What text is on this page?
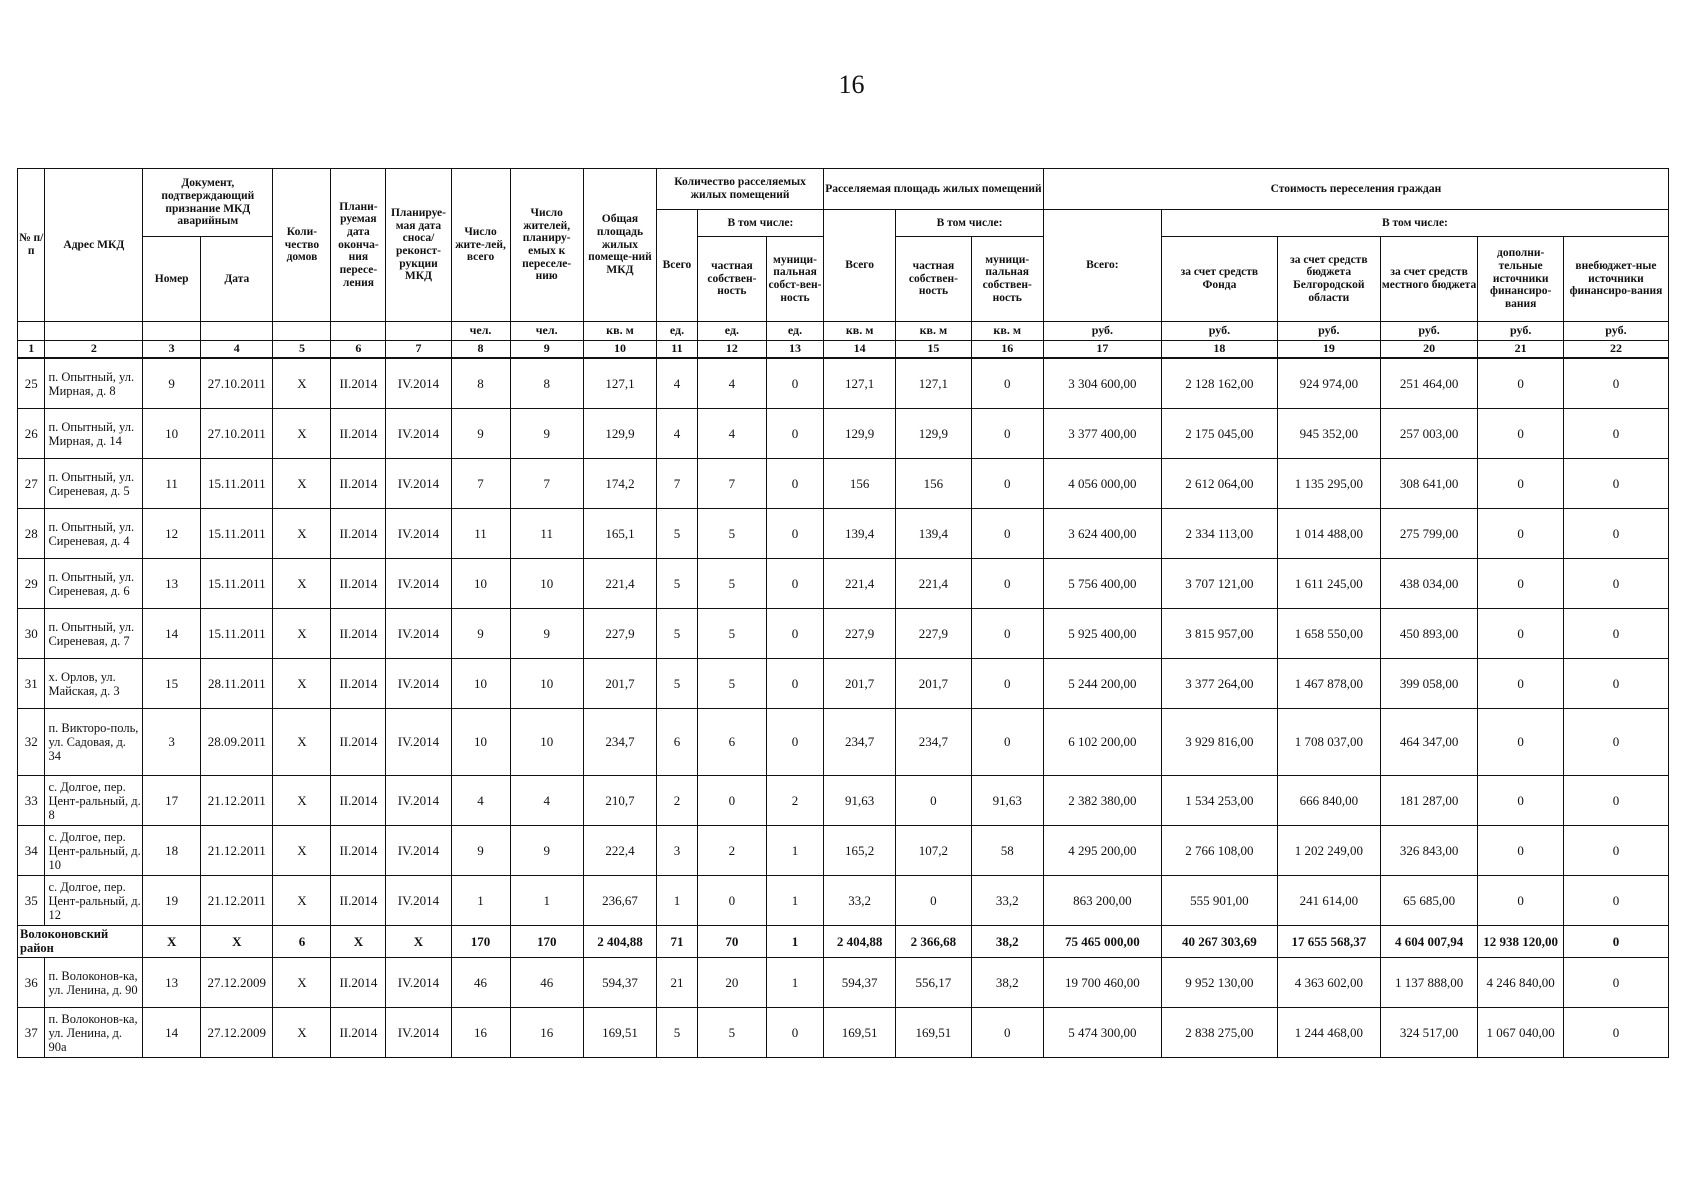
16
№ п/п	Адрес МКД	Документ, подтверждающий признание МКД аварийным		Коли-чество домов	Плани-руемая дата оконча-ния пересе-ления	Планируе-мая дата сноса/ реконст-рукции МКД	Число жите-лей, всего	Число жителей, планиру-емых к переселе-нию	Общая площадь жилых помеще-ний МКД	Количество расселяемых жилых помещений			Расселяемая площадь жилых помещений			Стоимость переселения граждан					
										Всего	В том числе:		Всего	В том числе:		Всего:	В том числе:				
		Номер	Дата								частная собствен-ность	муници-пальная собст-вен-ность		частная собствен-ность	муници-пальная собствен-ность		за счет средств Фонда	за счет средств бюджета Белгородской области	за счет средств местного бюджета	дополни-тельные источники финансиро-вания	внебюджет-ные источники финансиро-вания
							чел.	чел.	кв. м	ед.	ед.	ед.	кв. м	кв. м	кв. м	руб.	руб.	руб.	руб.	руб.	руб.
1	2	3	4	5	6	7	8	9	10	11	12	13	14	15	16	17	18	19	20	21	22
25	п. Опытный, ул. Мирная, д. 8	9	27.10.2011	X	II.2014	IV.2014	8	8	127,1	4	4	0	127,1	127,1	0	3 304 600,00	2 128 162,00	924 974,00	251 464,00	0	0
26	п. Опытный, ул. Мирная, д. 14	10	27.10.2011	X	II.2014	IV.2014	9	9	129,9	4	4	0	129,9	129,9	0	3 377 400,00	2 175 045,00	945 352,00	257 003,00	0	0
27	п. Опытный, ул. Сиреневая, д. 5	11	15.11.2011	X	II.2014	IV.2014	7	7	174,2	7	7	0	156	156	0	4 056 000,00	2 612 064,00	1 135 295,00	308 641,00	0	0
28	п. Опытный, ул. Сиреневая, д. 4	12	15.11.2011	X	II.2014	IV.2014	11	11	165,1	5	5	0	139,4	139,4	0	3 624 400,00	2 334 113,00	1 014 488,00	275 799,00	0	0
29	п. Опытный, ул. Сиреневая, д. 6	13	15.11.2011	X	II.2014	IV.2014	10	10	221,4	5	5	0	221,4	221,4	0	5 756 400,00	3 707 121,00	1 611 245,00	438 034,00	0	0
30	п. Опытный, ул. Сиреневая, д. 7	14	15.11.2011	X	II.2014	IV.2014	9	9	227,9	5	5	0	227,9	227,9	0	5 925 400,00	3 815 957,00	1 658 550,00	450 893,00	0	0
31	х. Орлов, ул. Майская, д. 3	15	28.11.2011	X	II.2014	IV.2014	10	10	201,7	5	5	0	201,7	201,7	0	5 244 200,00	3 377 264,00	1 467 878,00	399 058,00	0	0
32	п. Викторо-поль, ул. Садовая, д. 34	3	28.09.2011	X	II.2014	IV.2014	10	10	234,7	6	6	0	234,7	234,7	0	6 102 200,00	3 929 816,00	1 708 037,00	464 347,00	0	0
33	с. Долгое, пер. Цент-ральный, д. 8	17	21.12.2011	X	II.2014	IV.2014	4	4	210,7	2	0	2	91,63	0	91,63	2 382 380,00	1 534 253,00	666 840,00	181 287,00	0	0
34	с. Долгое, пер. Цент-ральный, д. 10	18	21.12.2011	X	II.2014	IV.2014	9	9	222,4	3	2	1	165,2	107,2	58	4 295 200,00	2 766 108,00	1 202 249,00	326 843,00	0	0
35	с. Долгое, пер. Цент-ральный, д. 12	19	21.12.2011	X	II.2014	IV.2014	1	1	236,67	1	0	1	33,2	0	33,2	863 200,00	555 901,00	241 614,00	65 685,00	0	0
Волоконовский район		X	X	6	X	X	170	170	2 404,88	71	70	1	2 404,88	2 366,68	38,2	75 465 000,00	40 267 303,69	17 655 568,37	4 604 007,94	12 938 120,00	0
36	п. Волоконов-ка, ул. Ленина, д. 90	13	27.12.2009	X	II.2014	IV.2014	46	46	594,37	21	20	1	594,37	556,17	38,2	19 700 460,00	9 952 130,00	4 363 602,00	1 137 888,00	4 246 840,00	0
37	п. Волоконов-ка, ул. Ленина, д. 90а	14	27.12.2009	X	II.2014	IV.2014	16	16	169,51	5	5	0	169,51	169,51	0	5 474 300,00	2 838 275,00	1 244 468,00	324 517,00	1 067 040,00	0
